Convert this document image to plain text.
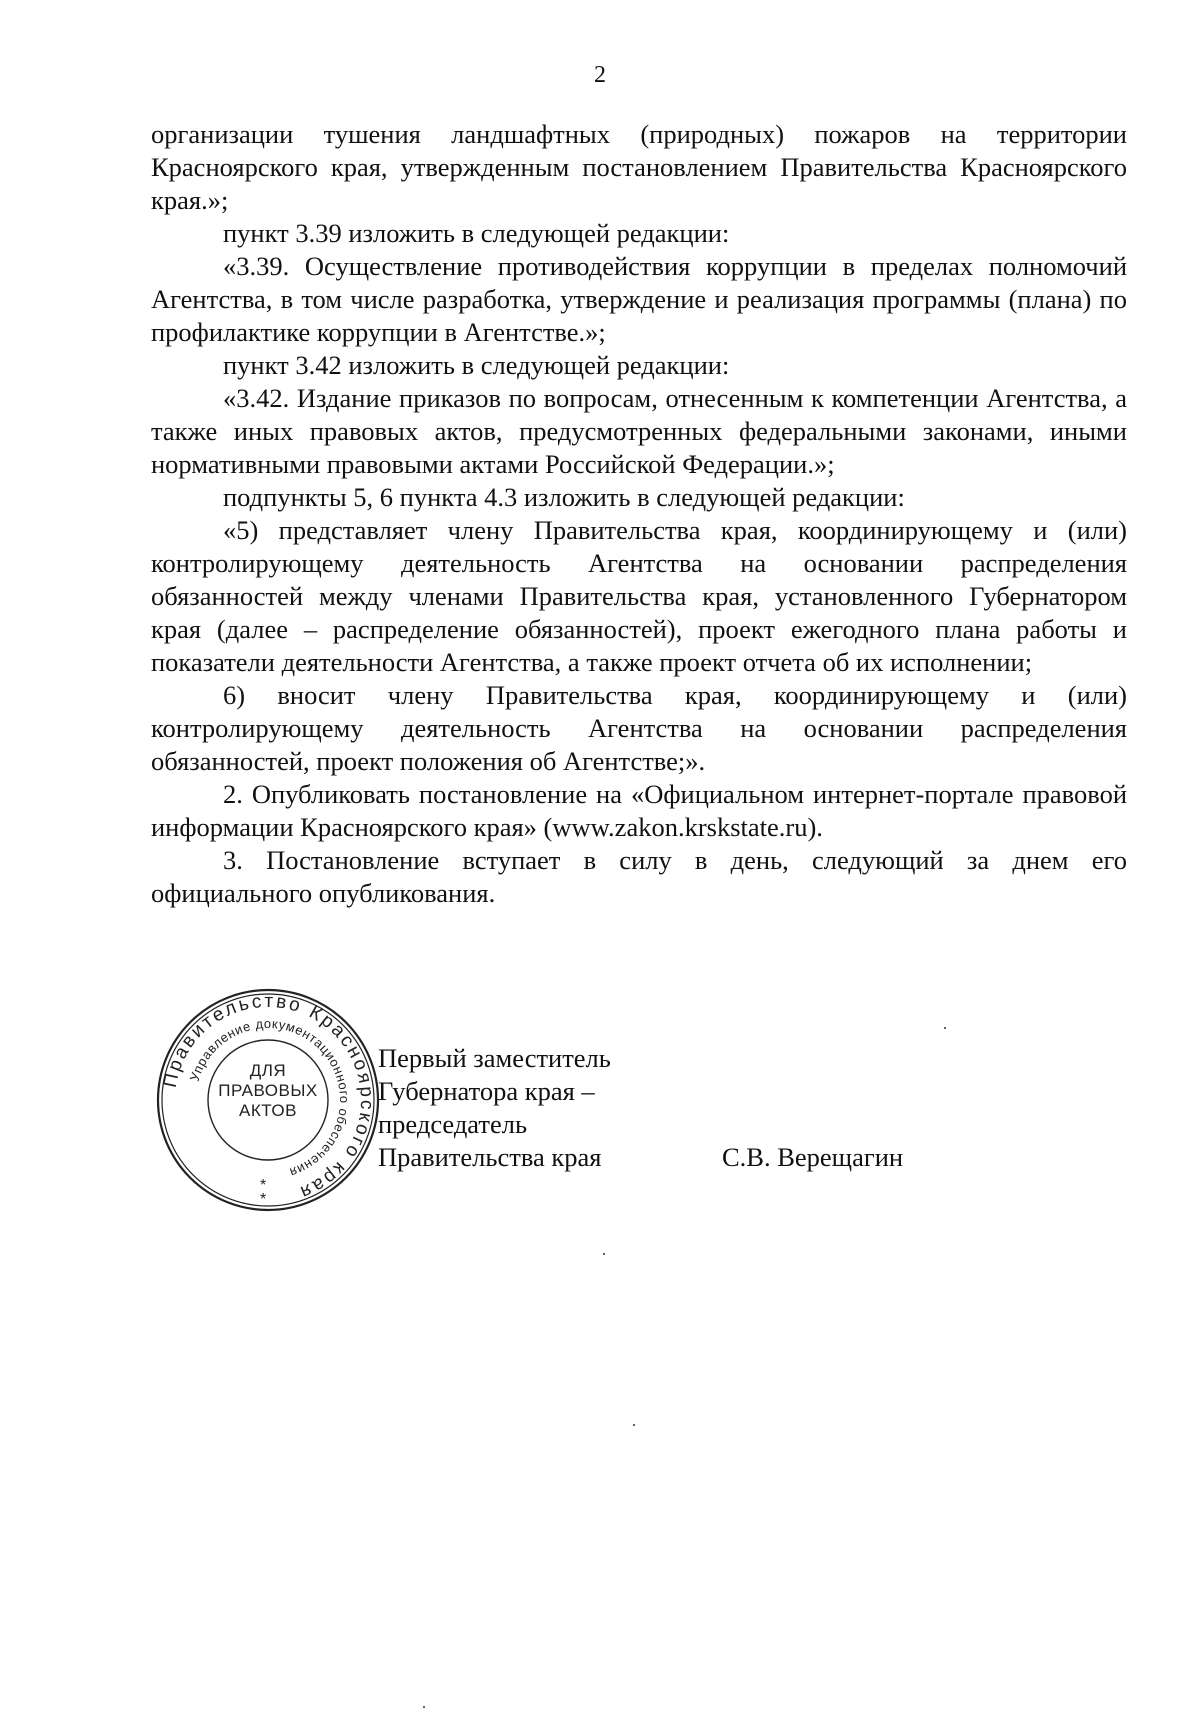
2

организации тушения ландшафтных (природных) пожаров на территории Красноярского края, утвержденным постановлением Правительства Красноярского края.»;

пункт 3.39 изложить в следующей редакции:

«3.39. Осуществление противодействия коррупции в пределах полномочий Агентства, в том числе разработка, утверждение и реализация программы (плана) по профилактике коррупции в Агентстве.»;

пункт 3.42 изложить в следующей редакции:

«3.42. Издание приказов по вопросам, отнесенным к компетенции Агентства, а также иных правовых актов, предусмотренных федеральными законами, иными нормативными правовыми актами Российской Федерации.»;

подпункты 5, 6 пункта 4.3 изложить в следующей редакции:

«5) представляет члену Правительства края, координирующему и (или) контролирующему деятельность Агентства на основании распределения обязанностей между членами Правительства края, установленного Губернатором края (далее – распределение обязанностей), проект ежегодного плана работы и показатели деятельности Агентства, а также проект отчета об их исполнении;

6) вносит члену Правительства края, координирующему и (или) контролирующему деятельность Агентства на основании распределения обязанностей, проект положения об Агентстве;».

2. Опубликовать постановление на «Официальном интернет-портале правовой информации Красноярского края» (www.zakon.krskstate.ru).

3. Постановление вступает в силу в день, следующий за днем его официального опубликования.

Правительство Красноярского края
Управление документационного обеспечения
*
*
ДЛЯ
ПРАВОВЫХ
АКТОВ
Первый заместитель
Губернатора края –
председатель
Правительства края	С.В. Верещагин
